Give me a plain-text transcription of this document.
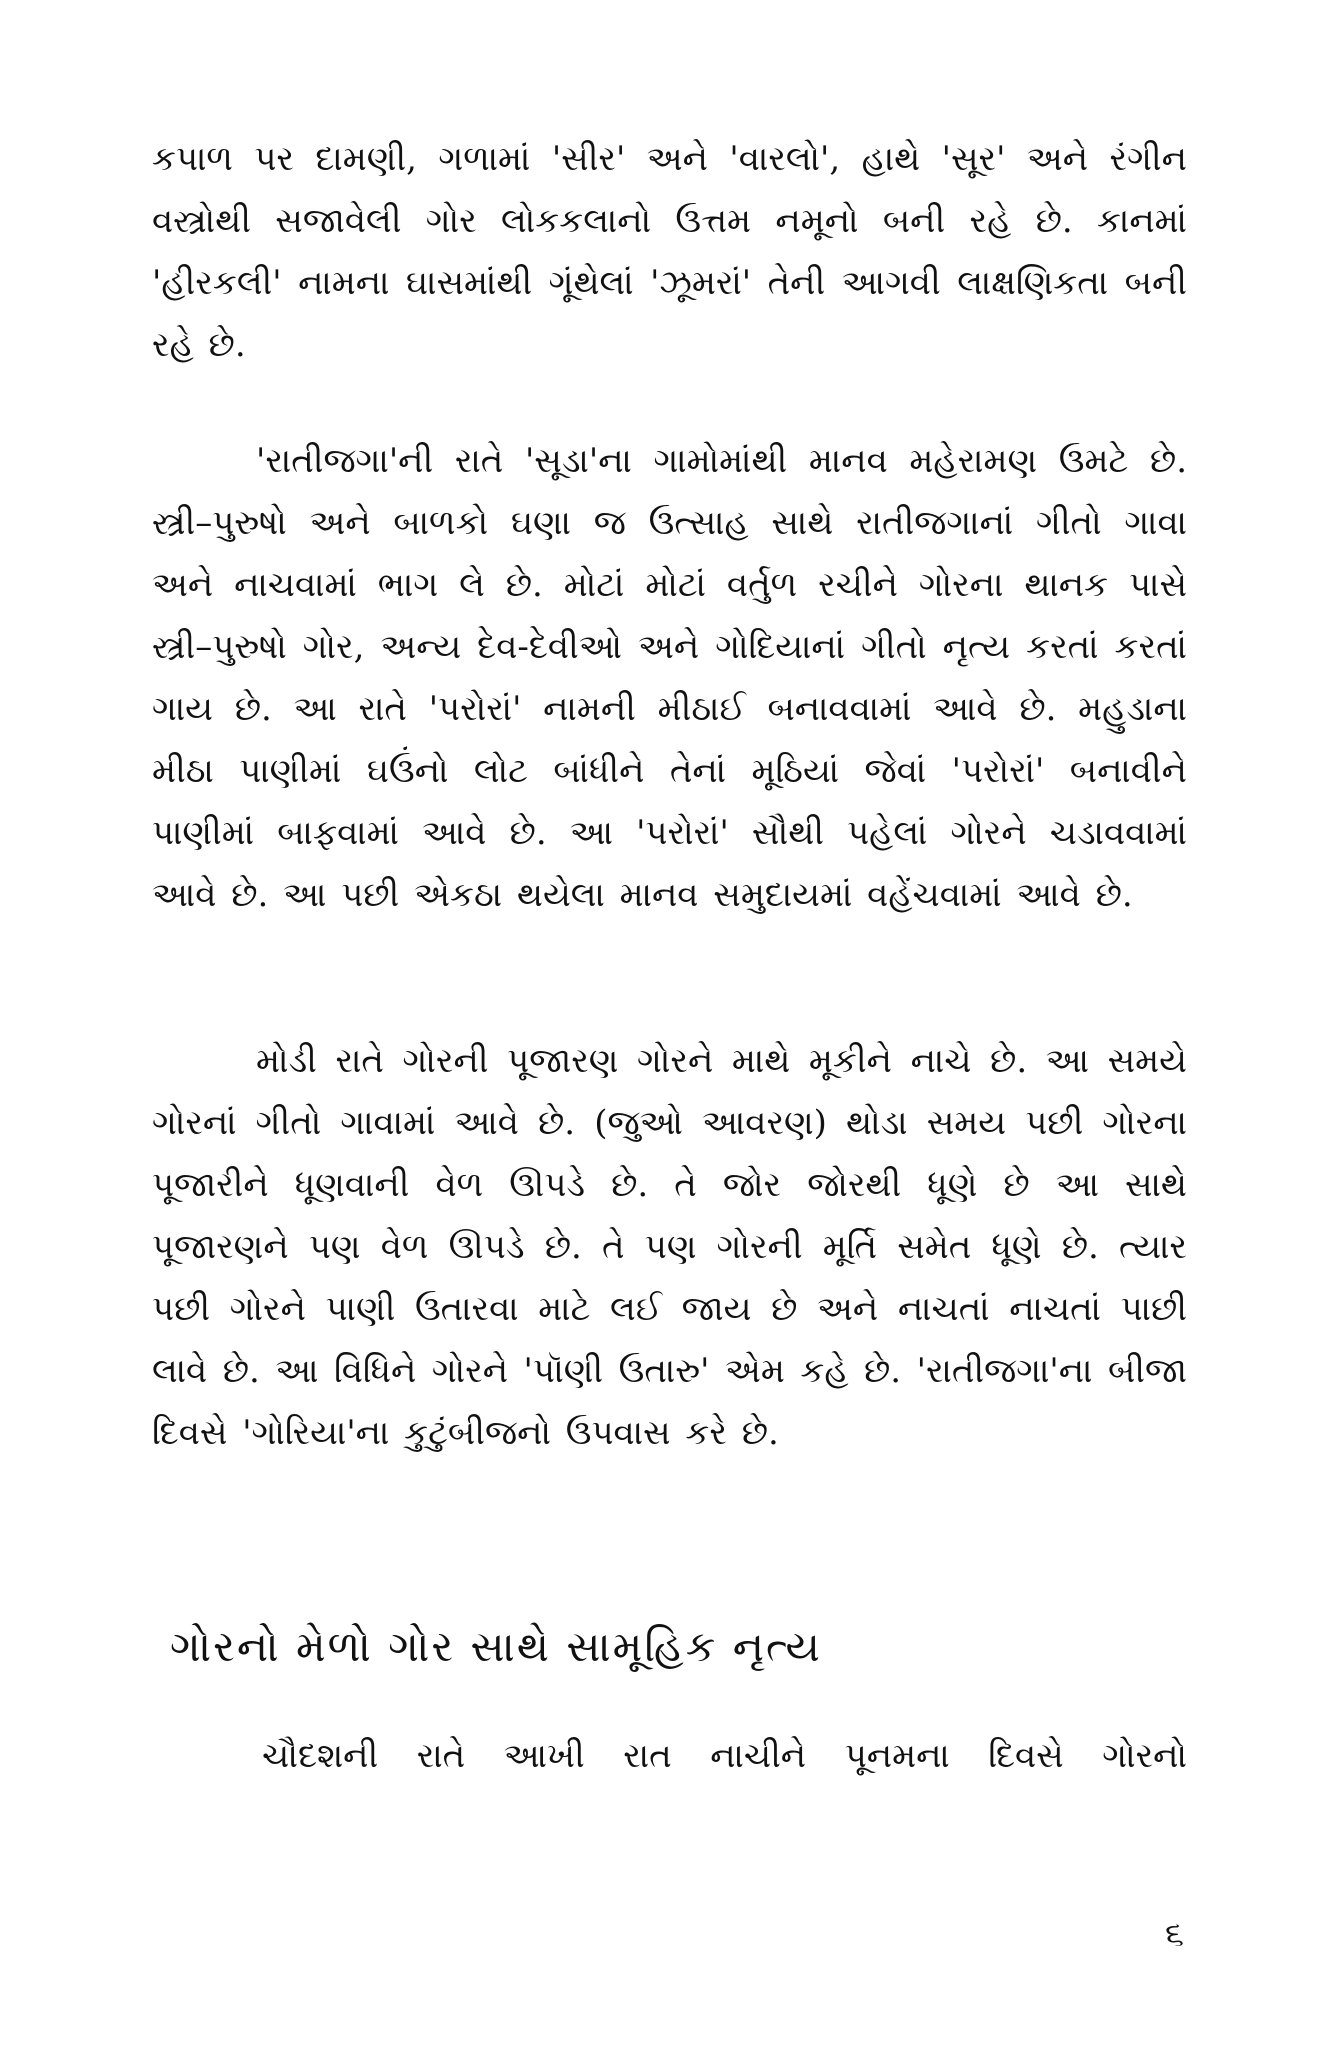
કપાળ પર દામણી, ગળામાં 'સીર' અને 'વારલો', હાથે 'સૂર' અને રંગીન વસ્ત્રોથી સજાવેલી ગોર લોકકલાનો ઉત્તમ નમૂનો બની રહે છે. કાનમાં 'હીરકલી' નામના ઘાસમાંથી ગૂંથેલાં 'ઝૂમરાં' તેની આગવી લાક્ષણિકતા બની રહે છે.

'રાતીજગા'ની રાતે 'સૂડા'ના ગામોમાંથી માનવ મહેરામણ ઉમટે છે. સ્ત્રી–પુરુષો અને બાળકો ઘણા જ ઉત્સાહ સાથે રાતીજગાનાં ગીતો ગાવા અને નાચવામાં ભાગ લે છે. મોટાં મોટાં વર્તુળ રચીને ગોરના થાનક પાસે સ્ત્રી–પુરુષો ગોર, અન્ય દેવ-દેવીઓ અને ગોદિયાનાં ગીતો નૃત્ય કરતાં કરતાં ગાય છે. આ રાતે 'પરોરાં' નામની મીઠાઈ બનાવવામાં આવે છે. મહુડાના મીઠા પાણીમાં ઘઉંનો લોટ બાંધીને તેનાં મૂઠિયાં જેવાં 'પરોરાં' બનાવીને પાણીમાં બાફવામાં આવે છે. આ 'પરોરાં' સૌથી પહેલાં ગોરને ચડાવવામાં આવે છે. આ પછી એકઠા થયેલા માનવ સમુદાયમાં વહેંચવામાં આવે છે.

મોડી રાતે ગોરની પૂજારણ ગોરને માથે મૂકીને નાચે છે. આ સમયે ગોરનાં ગીતો ગાવામાં આવે છે. (જુઓ આવરણ) થોડા સમય પછી ગોરના પૂજારીને ધૂણવાની વેળ ઊપડે છે. તે જોર જોરથી ધૂણે છે આ સાથે પૂજારણને પણ વેળ ઊપડે છે. તે પણ ગોરની મૂર્તિ સમેત ધૂણે છે. ત્યાર પછી ગોરને પાણી ઉતારવા માટે લઈ જાય છે અને નાચતાં નાચતાં પાછી લાવે છે. આ વિધિને ગોરને 'પૉણી ઉતારુ' એમ કહે છે. 'રાતીજગા'ના બીજા દિવસે 'ગોરિયા'ના કુટુંબીજનો ઉપવાસ કરે છે.

ગોરનો મેળો ગોર સાથે સામૂહિક નૃત્ય

ચૌદશની રાતે આખી રાત નાચીને પૂનમના દિવસે ગોરનો

૬
